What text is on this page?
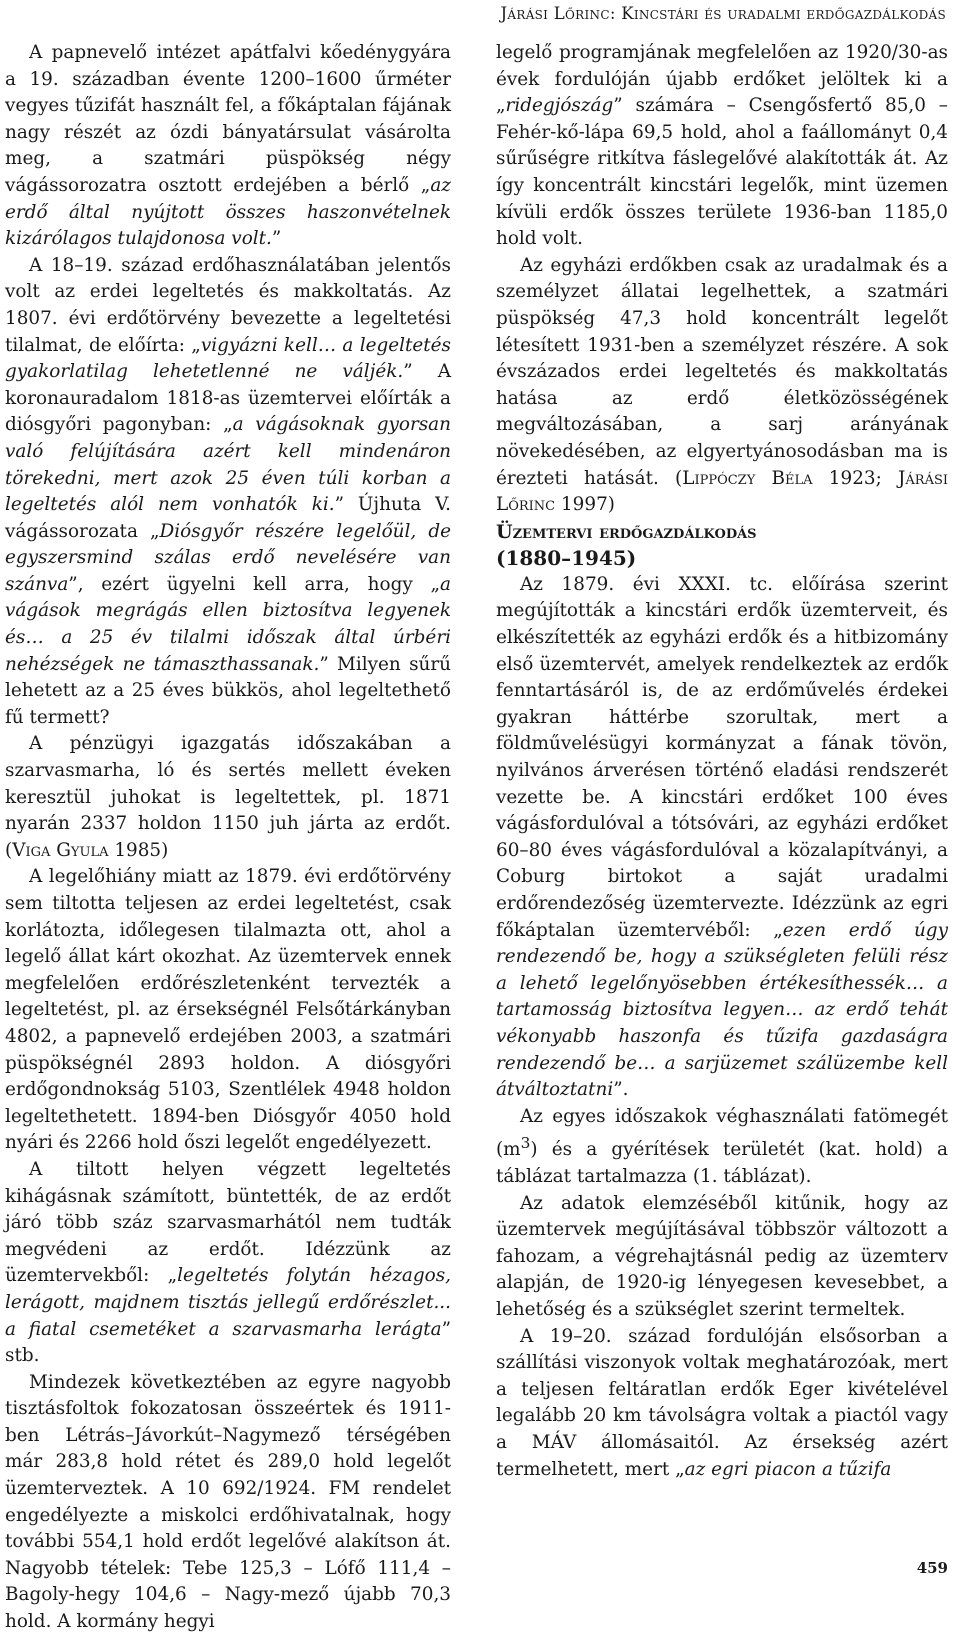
Járási Lőrinc: Kincstári és uradalmi erdőgazdálkodás

A papnevelő intézet apátfalvi kőedénygyára a 19. században évente 1200–1600 űrméter vegyes tűzifát használt fel, a főkáptalan fájának nagy részét az ózdi bányatársulat vásárolta meg, a szatmári püspökség négy vágássorozatra osztott erdejében a bérlő „az erdő által nyújtott összes haszonvételnek kizárólagos tulajdonosa volt.”

A 18–19. század erdőhasználatában jelentős volt az erdei legeltetés és makkoltatás. Az 1807. évi erdőtörvény bevezette a legeltetési tilalmat, de előírta: „vigyázni kell… a legeltetés gyakorlatilag lehetetlenné ne váljék.” A koronauradalom 1818-as üzemtervei előírták a diósgyőri pagonyban: „a vágásoknak gyorsan való felújítására azért kell mindenáron törekedni, mert azok 25 éven túli korban a legeltetés alól nem vonhatók ki.” Újhuta V. vágássorozata „Diósgyőr részére legelőül, de egyszersmind szálas erdő nevelésére van szánva”, ezért ügyelni kell arra, hogy „a vágások megrágás ellen biztosítva legyenek és… a 25 év tilalmi időszak által úrbéri nehézségek ne támaszthassanak.” Milyen sűrű lehetett az a 25 éves bükkös, ahol legeltethető fű termett?

A pénzügyi igazgatás időszakában a szarvasmarha, ló és sertés mellett éveken keresztül juhokat is legeltettek, pl. 1871 nyarán 2337 holdon 1150 juh járta az erdőt. (Viga Gyula 1985)

A legelőhiány miatt az 1879. évi erdőtörvény sem tiltotta teljesen az erdei legeltetést, csak korlátozta, időlegesen tilalmazta ott, ahol a legelő állat kárt okozhat. Az üzemtervek ennek megfelelően erdőrészletenként tervezték a legeltetést, pl. az érsekségnél Felsőtárkányban 4802, a papnevelő erdejében 2003, a szatmári püspökségnél 2893 holdon. A diósgyőri erdőgondnokság 5103, Szentlélek 4948 holdon legeltethetett. 1894-ben Diósgyőr 4050 hold nyári és 2266 hold őszi legelőt engedélyezett.

A tiltott helyen végzett legeltetés kihágásnak számított, büntették, de az erdőt járó több száz szarvasmarhától nem tudták megvédeni az erdőt. Idézzünk az üzemtervekből: „legeltetés folytán hézagos, lerágott, majdnem tisztás jellegű erdőrészlet... a fiatal csemetéket a szarvasmarha lerágta” stb.

Mindezek következtében az egyre nagyobb tisztásfoltok fokozatosan összeértek és 1911-ben Létrás–Jávorkút–Nagymező térségében már 283,8 hold rétet és 289,0 hold legelőt üzemterveztek. A 10 692/1924. FM rendelet engedélyezte a miskolci erdőhivatalnak, hogy további 554,1 hold erdőt legelővé alakítson át. Nagyobb tételek: Tebe 125,3 – Lófő 111,4 – Bagoly-hegy 104,6 – Nagy-mező újabb 70,3 hold. A kormány hegyi

legelő programjának megfelelően az 1920/30-as évek fordulóján újabb erdőket jelöltek ki a „ridegjószág” számára – Csengősfertő 85,0 – Fehér-kő-lápa 69,5 hold, ahol a faállományt 0,4 sűrűségre ritkítva fáslegelővé alakították át. Az így koncentrált kincstári legelők, mint üzemen kívüli erdők összes területe 1936-ban 1185,0 hold volt.

Az egyházi erdőkben csak az uradalmak és a személyzet állatai legelhettek, a szatmári püspökség 47,3 hold koncentrált legelőt létesített 1931-ben a személyzet részére. A sok évszázados erdei legeltetés és makkoltatás hatása az erdő életközösségének megváltozásában, a sarj arányának növekedésében, az elgyertyánosodásban ma is érezteti hatását. (Lippóczy Béla 1923; Járási Lőrinc 1997)

Üzemtervi erdőgazdálkodás

(1880–1945)

Az 1879. évi XXXI. tc. előírása szerint megújították a kincstári erdők üzemterveit, és elkészítették az egyházi erdők és a hitbizomány első üzemtervét, amelyek rendelkeztek az erdők fenntartásáról is, de az erdőművelés érdekei gyakran háttérbe szorultak, mert a földművelésügyi kormányzat a fának tövön, nyilvános árverésen történő eladási rendszerét vezette be. A kincstári erdőket 100 éves vágásfordulóval a tótsóvári, az egyházi erdőket 60–80 éves vágásfordulóval a közalapítványi, a Coburg birtokot a saját uradalmi erdőrendezőség üzemtervezte. Idézzünk az egri főkáptalan üzemtervéből: „ezen erdő úgy rendezendő be, hogy a szükségleten felüli rész a lehető legelőnyösebben értékesíthessék… a tartamosság biztosítva legyen… az erdő tehát vékonyabb haszonfa és tűzifa gazdaságra rendezendő be… a sarjüzemet szálüzembe kell átváltoztatni”.

Az egyes időszakok véghasználati fatömegét $(m^3)$ és a gyérítések területét (kat. hold) a táblázat tartalmazza (1. táblázat).

Az adatok elemzéséből kitűnik, hogy az üzemtervek megújításával többször változott a fahozam, a végrehajtásnál pedig az üzemterv alapján, de 1920-ig lényegesen kevesebbet, a lehetőség és a szükséglet szerint termeltek.

A 19–20. század fordulóján elsősorban a szállítási viszonyok voltak meghatározóak, mert a teljesen feltáratlan erdők Eger kivételével legalább 20 km távolságra voltak a piactól vagy a MÁV állomásaitól. Az érsekség azért termelhetett, mert „az egri piacon a tűzifa

459
